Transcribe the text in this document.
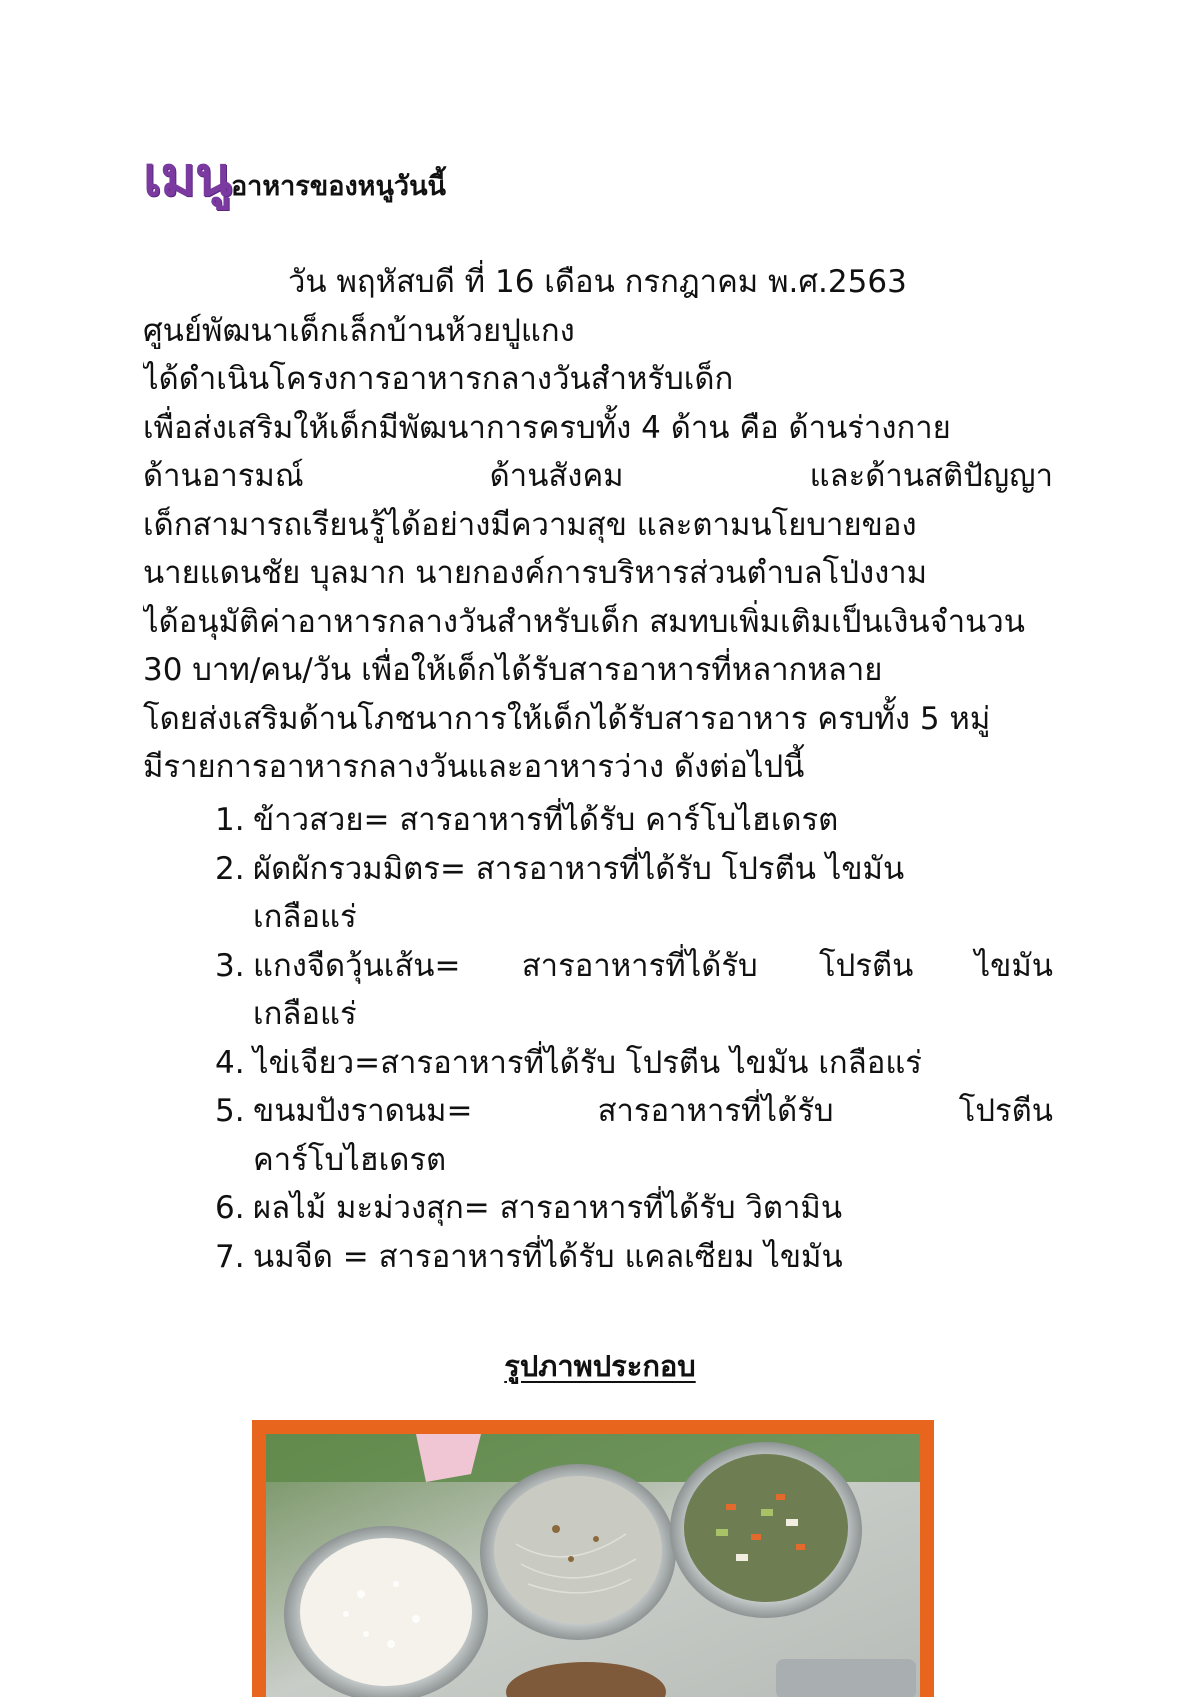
เมนูอาหารของหนูวันนี้
วัน พฤหัสบดี ที่ 16 เดือน กรกฎาคม พ.ศ.2563
ศูนย์พัฒนาเด็กเล็กบ้านห้วยปูแกง
ได้ดำเนินโครงการอาหารกลางวันสำหรับเด็ก
เพื่อส่งเสริมให้เด็กมีพัฒนาการครบทั้ง 4 ด้าน คือ ด้านร่างกาย
ด้านอารมณ์ ด้านสังคม และด้านสติปัญญา
เด็กสามารถเรียนรู้ได้อย่างมีความสุข และตามนโยบายของ
นายแดนชัย บุลมาก นายกองค์การบริหารส่วนตำบลโป่งงาม
ได้อนุมัติค่าอาหารกลางวันสำหรับเด็ก สมทบเพิ่มเติมเป็นเงินจำนวน
30 บาท/คน/วัน เพื่อให้เด็กได้รับสารอาหารที่หลากหลาย
โดยส่งเสริมด้านโภชนาการให้เด็กได้รับสารอาหาร ครบทั้ง 5 หมู่
มีรายการอาหารกลางวันและอาหารว่าง ดังต่อไปนี้
1. ข้าวสวย= สารอาหารที่ได้รับ คาร์โบไฮเดรต
2. ผัดผักรวมมิตร= สารอาหารที่ได้รับ โปรตีน ไขมัน
เกลือแร่
3. แกงจืดวุ้นเส้น= สารอาหารที่ได้รับ โปรตีน ไขมัน
เกลือแร่
4. ไข่เจียว=สารอาหารที่ได้รับ โปรตีน ไขมัน เกลือแร่
5. ขนมปังราดนม= สารอาหารที่ได้รับ โปรตีน
คาร์โบไฮเดรต
6. ผลไม้ มะม่วงสุก= สารอาหารที่ได้รับ วิตามิน
7. นมจีด = สารอาหารที่ได้รับ แคลเซียม ไขมัน
รูปภาพประกอบ
